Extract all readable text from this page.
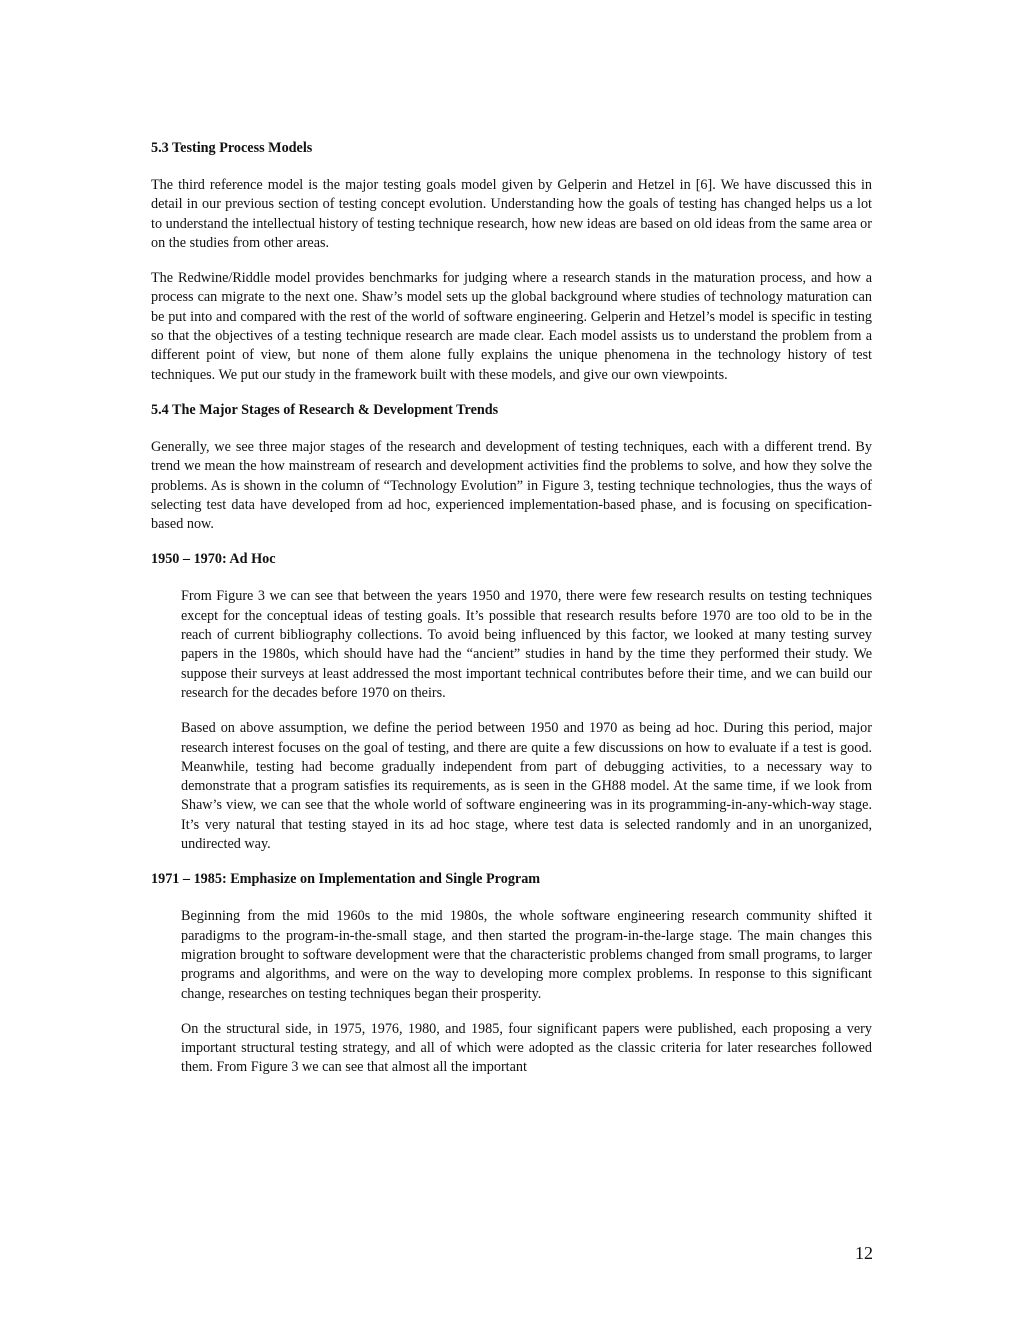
5.3 Testing Process Models

The third reference model is the major testing goals model given by Gelperin and Hetzel in [6]. We have discussed this in detail in our previous section of testing concept evolution. Understanding how the goals of testing has changed helps us a lot to understand the intellectual history of testing technique research, how new ideas are based on old ideas from the same area or on the studies from other areas.

The Redwine/Riddle model provides benchmarks for judging where a research stands in the maturation process, and how a process can migrate to the next one. Shaw’s model sets up the global background where studies of technology maturation can be put into and compared with the rest of the world of software engineering. Gelperin and Hetzel’s model is specific in testing so that the objectives of a testing technique research are made clear. Each model assists us to understand the problem from a different point of view, but none of them alone fully explains the unique phenomena in the technology history of test techniques. We put our study in the framework built with these models, and give our own viewpoints.

5.4 The Major Stages of Research & Development Trends

Generally, we see three major stages of the research and development of testing techniques, each with a different trend. By trend we mean the how mainstream of research and development activities find the problems to solve, and how they solve the problems. As is shown in the column of “Technology Evolution” in Figure 3, testing technique technologies, thus the ways of selecting test data have developed from ad hoc, experienced implementation-based phase, and is focusing on specification-based now.

1950 – 1970: Ad Hoc

From Figure 3 we can see that between the years 1950 and 1970, there were few research results on testing techniques except for the conceptual ideas of testing goals. It’s possible that research results before 1970 are too old to be in the reach of current bibliography collections. To avoid being influenced by this factor, we looked at many testing survey papers in the 1980s, which should have had the “ancient” studies in hand by the time they performed their study. We suppose their surveys at least addressed the most important technical contributes before their time, and we can build our research for the decades before 1970 on theirs.

Based on above assumption, we define the period between 1950 and 1970 as being ad hoc. During this period, major research interest focuses on the goal of testing, and there are quite a few discussions on how to evaluate if a test is good. Meanwhile, testing had become gradually independent from part of debugging activities, to a necessary way to demonstrate that a program satisfies its requirements, as is seen in the GH88 model. At the same time, if we look from Shaw’s view, we can see that the whole world of software engineering was in its programming-in-any-which-way stage. It’s very natural that testing stayed in its ad hoc stage, where test data is selected randomly and in an unorganized, undirected way.

1971 – 1985: Emphasize on Implementation and Single Program

Beginning from the mid 1960s to the mid 1980s, the whole software engineering research community shifted it paradigms to the program-in-the-small stage, and then started the program-in-the-large stage. The main changes this migration brought to software development were that the characteristic problems changed from small programs, to larger programs and algorithms, and were on the way to developing more complex problems. In response to this significant change, researches on testing techniques began their prosperity.

On the structural side, in 1975, 1976, 1980, and 1985, four significant papers were published, each proposing a very important structural testing strategy, and all of which were adopted as the classic criteria for later researches followed them. From Figure 3 we can see that almost all the important

12
